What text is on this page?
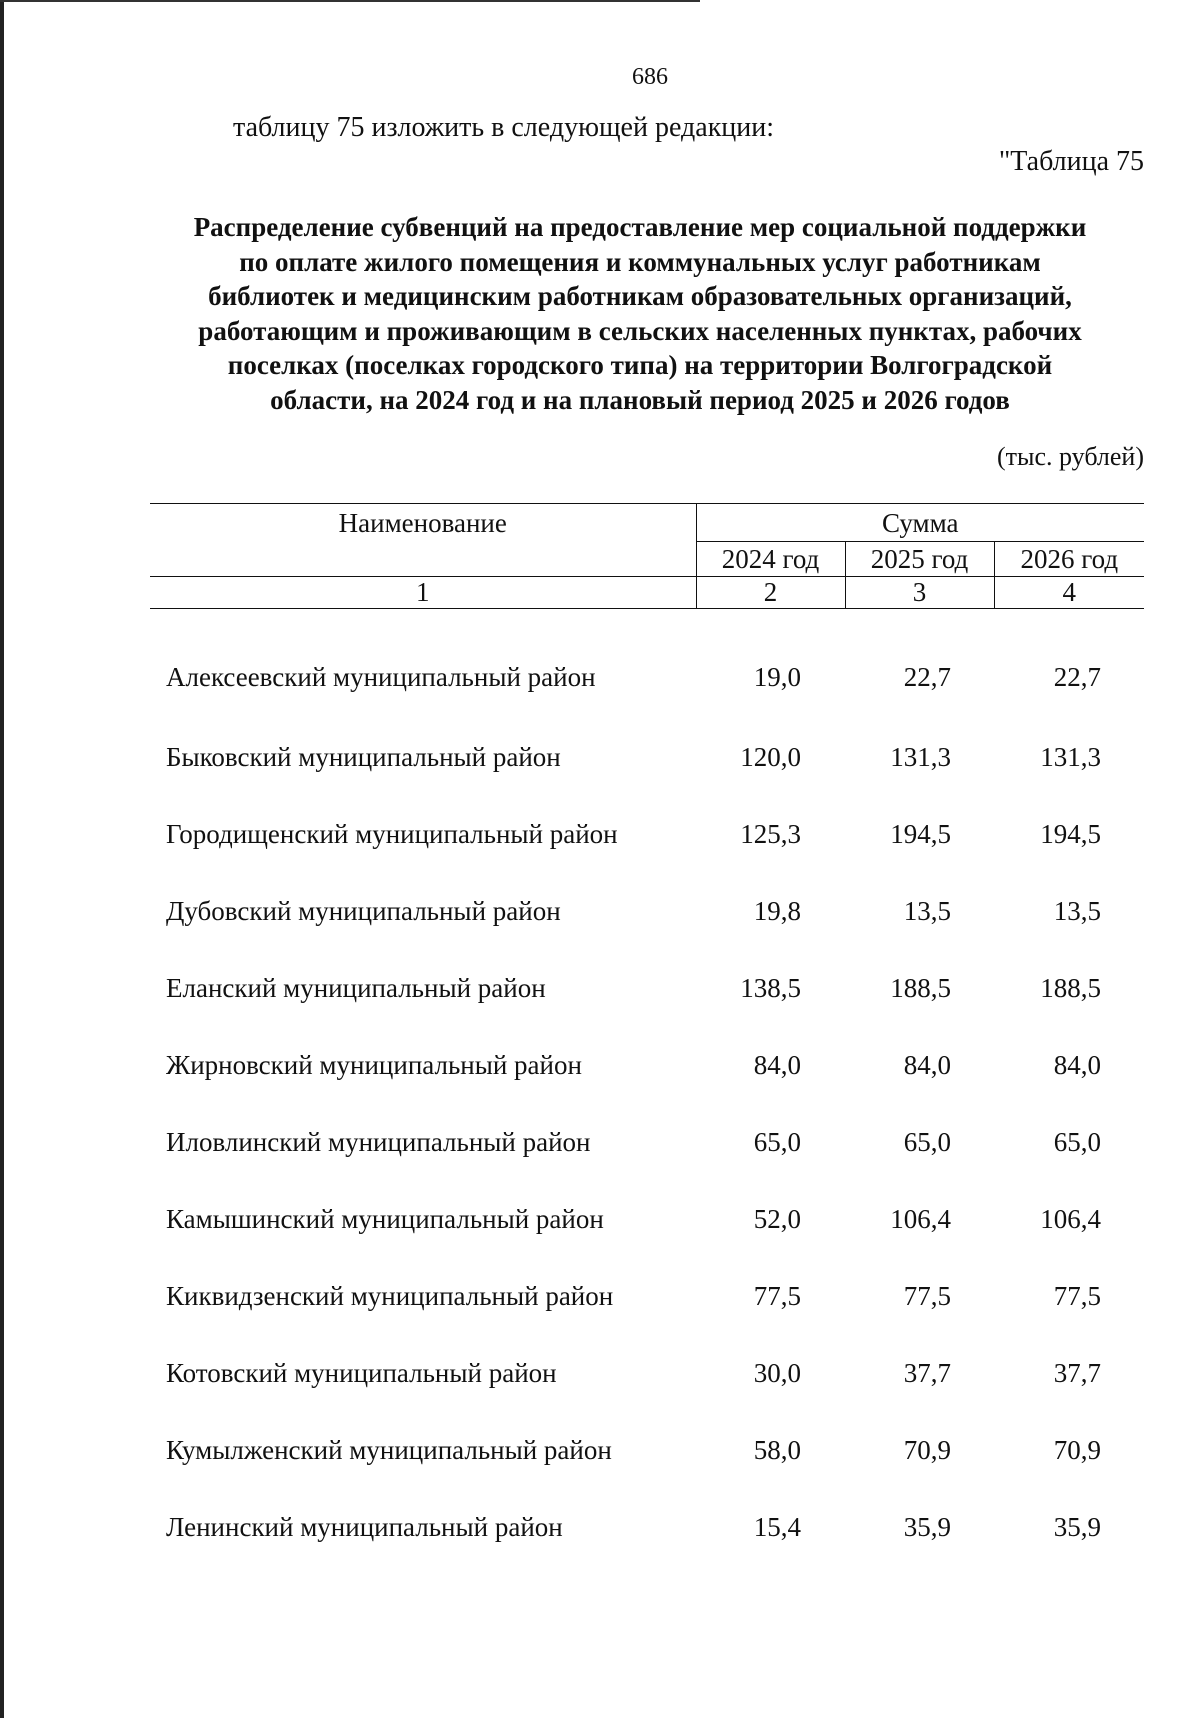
686
таблицу 75 изложить в следующей редакции:
"Таблица 75
Распределение субвенций на предоставление мер социальной поддержки
по оплате жилого помещения и коммунальных услуг работникам
библиотек и медицинским работникам образовательных организаций,
работающим и проживающим в сельских населенных пунктах, рабочих
поселках (поселках городского типа) на территории Волгоградской
области, на 2024 год и на плановый период 2025 и 2026 годов
(тыс. рублей)
Наименование	Сумма		
	2024 год	2025 год	2026 год
1	2	3	4
Алексеевский муниципальный район	19,0	22,7	22,7
Быковский муниципальный район	120,0	131,3	131,3
Городищенский муниципальный район	125,3	194,5	194,5
Дубовский муниципальный район	19,8	13,5	13,5
Еланский муниципальный район	138,5	188,5	188,5
Жирновский муниципальный район	84,0	84,0	84,0
Иловлинский муниципальный район	65,0	65,0	65,0
Камышинский муниципальный район	52,0	106,4	106,4
Киквидзенский муниципальный район	77,5	77,5	77,5
Котовский муниципальный район	30,0	37,7	37,7
Кумылженский муниципальный район	58,0	70,9	70,9
Ленинский муниципальный район	15,4	35,9	35,9
